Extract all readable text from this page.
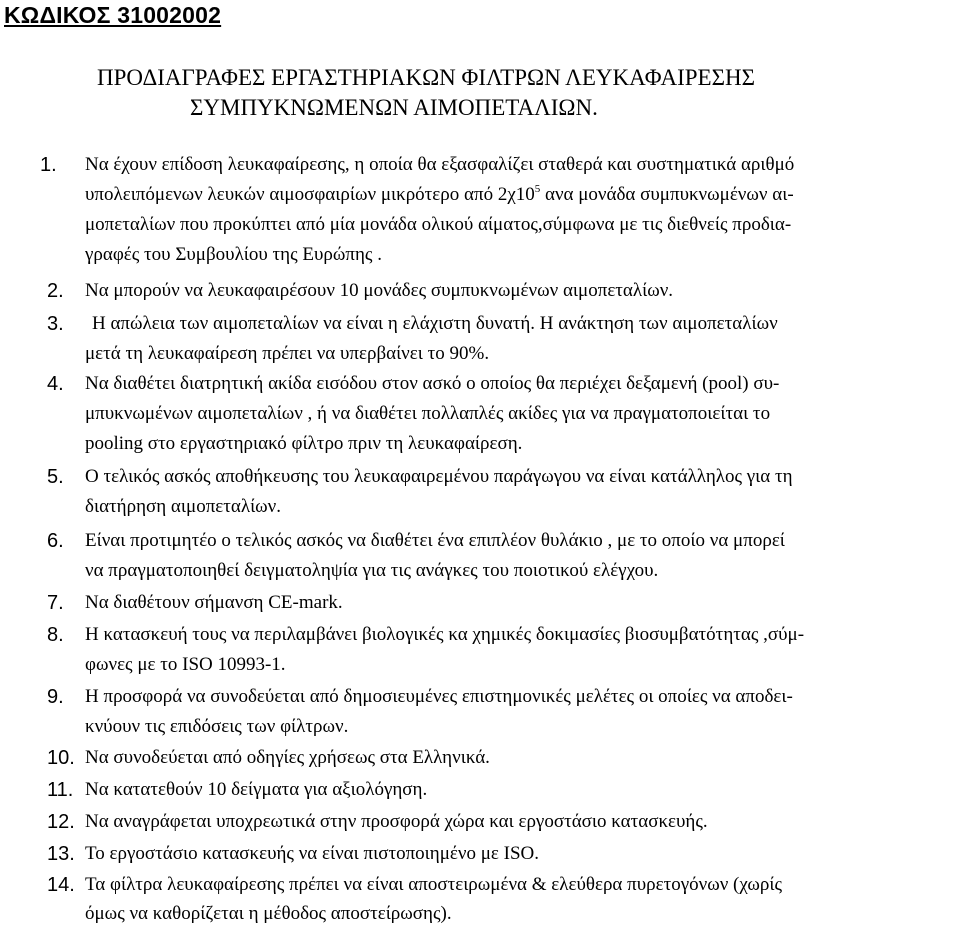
ΚΩΔΙΚΟΣ 31002002
ΠΡΟΔΙΑΓΡΑΦΕΣ ΕΡΓΑΣΤΗΡΙΑΚΩΝ ΦΙΛΤΡΩΝ ΛΕΥΚΑΦΑΙΡΕΣΗΣ
ΣΥΜΠΥΚΝΩΜΕΝΩΝ ΑΙΜΟΠΕΤΑΛΙΩΝ.
1. Να έχουν επίδοση λευκαφαίρεσης, η οποία θα εξασφαλίζει σταθερά και συστηματικά αριθμό
υπολειπόμενων λευκών αιμοσφαιρίων μικρότερο από $2\chi 10^5$ ανα μονάδα συμπυκνωμένων αι-
μοπεταλίων που προκύπτει από μία μονάδα ολικού αίματος,σύμφωνα με τις διεθνείς προδια-
γραφές του Συμβουλίου της Ευρώπης .
2. Να μπορούν να λευκαφαιρέσουν 10 μονάδες συμπυκνωμένων αιμοπεταλίων.
3. Η απώλεια των αιμοπεταλίων να είναι η ελάχιστη δυνατή. Η ανάκτηση των αιμοπεταλίων
μετά τη λευκαφαίρεση πρέπει να υπερβαίνει το 90%.
4. Να διαθέτει διατρητική ακίδα εισόδου στον ασκό ο οποίος θα περιέχει δεξαμενή (pool) συ-
μπυκνωμένων αιμοπεταλίων , ή να διαθέτει πολλαπλές ακίδες για να πραγματοποιείται το
pooling στο εργαστηριακό φίλτρο πριν τη λευκαφαίρεση.
5. Ο τελικός ασκός αποθήκευσης του λευκαφαιρεμένου παράγωγου να είναι κατάλληλος για τη
διατήρηση αιμοπεταλίων.
6. Είναι προτιμητέο ο τελικός ασκός να διαθέτει ένα επιπλέον θυλάκιο , με το οποίο να μπορεί
να πραγματοποιηθεί δειγματοληψία για τις ανάγκες του ποιοτικού ελέγχου.
7. Να διαθέτουν σήμανση CE-mark.
8. Η κατασκευή τους να περιλαμβάνει βιολογικές κα χημικές δοκιμασίες βιοσυμβατότητας ,σύμ-
φωνες με το ISO 10993-1.
9. Η προσφορά να συνοδεύεται από δημοσιευμένες επιστημονικές μελέτες οι οποίες να αποδει-
κνύουν τις επιδόσεις των φίλτρων.
10. Να συνοδεύεται από οδηγίες χρήσεως στα Ελληνικά.
11. Να κατατεθούν 10 δείγματα για αξιολόγηση.
12. Να αναγράφεται υποχρεωτικά στην προσφορά χώρα και εργοστάσιο κατασκευής.
13. Το εργοστάσιο κατασκευής να είναι πιστοποιημένο με ISO.
14. Τα φίλτρα λευκαφαίρεσης πρέπει να είναι αποστειρωμένα & ελεύθερα πυρετογόνων (χωρίς
όμως να καθορίζεται η μέθοδος αποστείρωσης).
